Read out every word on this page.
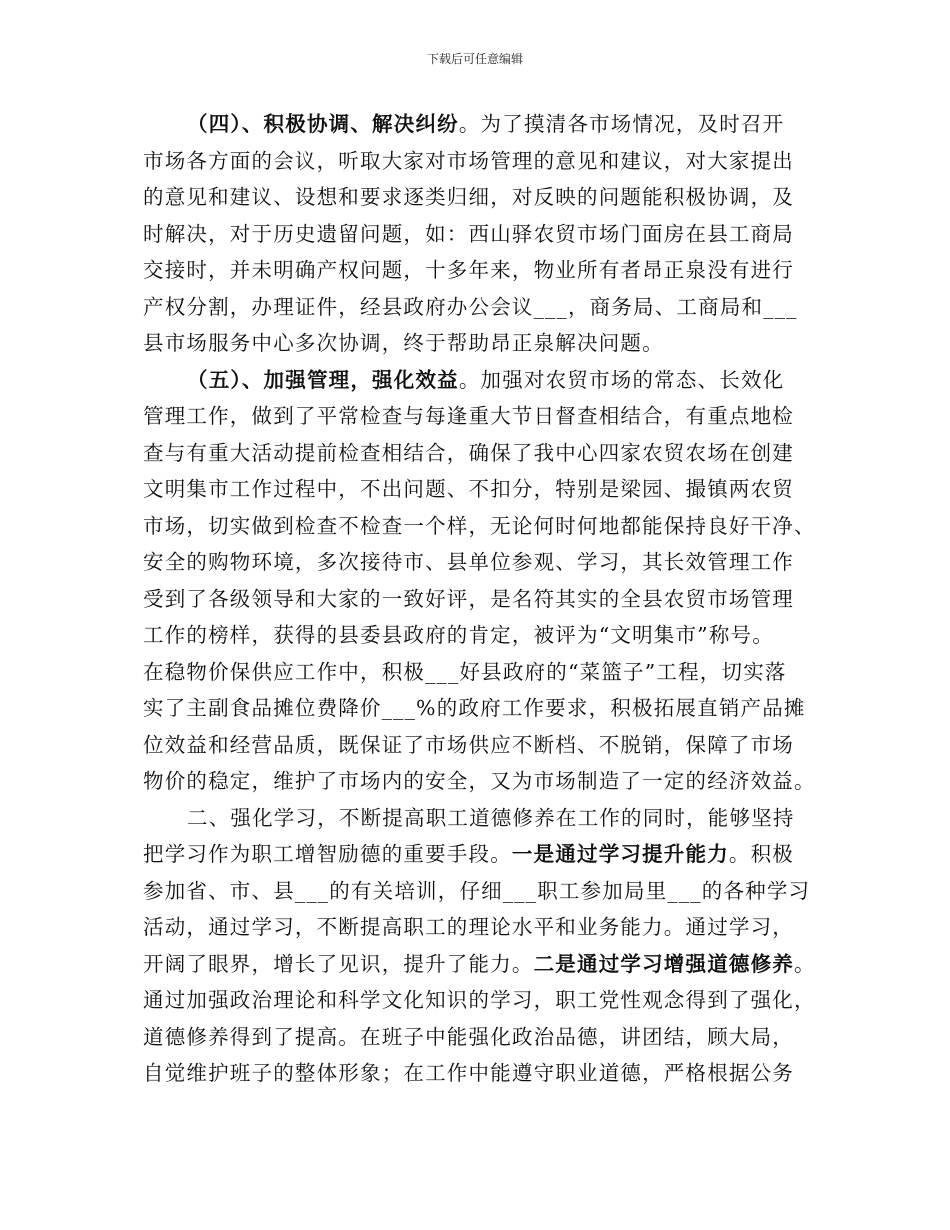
下载后可任意编辑
（四）、积极协调、解决纠纷。为了摸清各市场情况，及时召开
市场各方面的会议，听取大家对市场管理的意见和建议，对大家提出
的意见和建议、设想和要求逐类归细，对反映的问题能积极协调，及
时解决，对于历史遗留问题，如：西山驿农贸市场门面房在县工商局
交接时，并未明确产权问题，十多年来，物业所有者昂正泉没有进行
产权分割，办理证件，经县政府办公会议___，商务局、工商局和___
县市场服务中心多次协调，终于帮助昂正泉解决问题。
（五）、加强管理，强化效益。加强对农贸市场的常态、长效化
管理工作，做到了平常检查与每逢重大节日督查相结合，有重点地检
查与有重大活动提前检查相结合，确保了我中心四家农贸农场在创建
文明集市工作过程中，不出问题、不扣分，特别是梁园、撮镇两农贸
市场，切实做到检查不检查一个样，无论何时何地都能保持良好干净、
安全的购物环境，多次接待市、县单位参观、学习，其长效管理工作
受到了各级领导和大家的一致好评，是名符其实的全县农贸市场管理
工作的榜样，获得的县委县政府的肯定，被评为“文明集市”称号。
在稳物价保供应工作中，积极___好县政府的“菜篮子”工程，切实落
实了主副食品摊位费降价___%的政府工作要求，积极拓展直销产品摊
位效益和经营品质，既保证了市场供应不断档、不脱销，保障了市场
物价的稳定，维护了市场内的安全，又为市场制造了一定的经济效益。
二、强化学习，不断提高职工道德修养在工作的同时，能够坚持
把学习作为职工增智励德的重要手段。一是通过学习提升能力。积极
参加省、市、县___的有关培训，仔细___职工参加局里___的各种学习
活动，通过学习，不断提高职工的理论水平和业务能力。通过学习，
开阔了眼界，增长了见识，提升了能力。二是通过学习增强道德修养。
通过加强政治理论和科学文化知识的学习，职工党性观念得到了强化，
道德修养得到了提高。在班子中能强化政治品德，讲团结，顾大局，
自觉维护班子的整体形象；在工作中能遵守职业道德，严格根据公务
